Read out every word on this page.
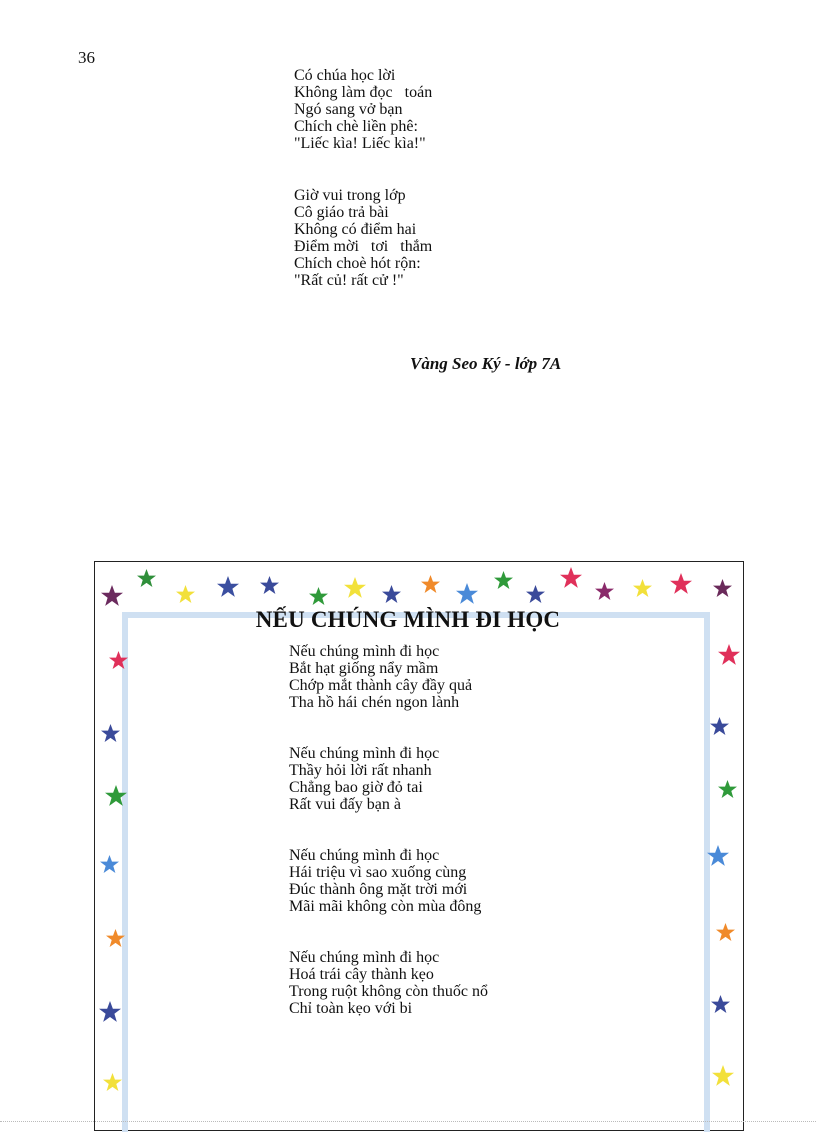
36
Có chúa học lời
Không làm đọc   toán
Ngó sang vở bạn
Chích chè liền phê:
"Liếc kìa! Liếc kìa!"
Giờ vui trong lớp
Cô giáo trả bài
Không có điểm hai
Điểm mời   tơi   thắm
Chích choè hót rộn:
"Rất củ! rất cử !"
Vàng Seo Ký - lớp 7A
NẾU CHÚNG MÌNH ĐI HỌC
Nếu chúng mình đi học
Bắt hạt giống nẩy mầm
Chớp mắt thành cây đầy quả
Tha hồ hái chén ngon lành
Nếu chúng mình đi học
Thầy hỏi lời rất nhanh
Chẳng bao giờ đỏ tai
Rất vui đấy bạn à
Nếu chúng mình đi học
Hái triệu vì sao xuống cùng
Đúc thành ông mặt trời mới
Mãi mãi không còn mùa đông
Nếu chúng mình đi học
Hoá trái cây thành kẹo
Trong ruột không còn thuốc nổ
Chỉ toàn kẹo với bi
